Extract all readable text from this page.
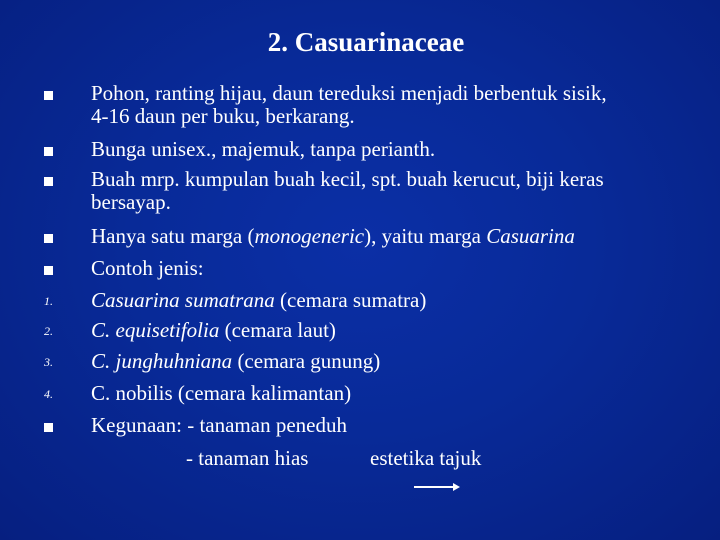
2. Casuarinaceae
Pohon, ranting hijau, daun tereduksi menjadi berbentuk sisik,
4-16 daun per buku, berkarang.
Bunga unisex., majemuk, tanpa perianth.
Buah mrp. kumpulan buah kecil, spt. buah kerucut, biji keras
bersayap.
Hanya satu marga (monogeneric), yaitu marga Casuarina
Contoh jenis:
1. Casuarina sumatrana (cemara sumatra)
2. C. equisetifolia (cemara laut)
3. C. junghuhniana (cemara gunung)
4. C. nobilis (cemara kalimantan)
Kegunaan: - tanaman peneduh
- tanaman hias	estetika tajuk
